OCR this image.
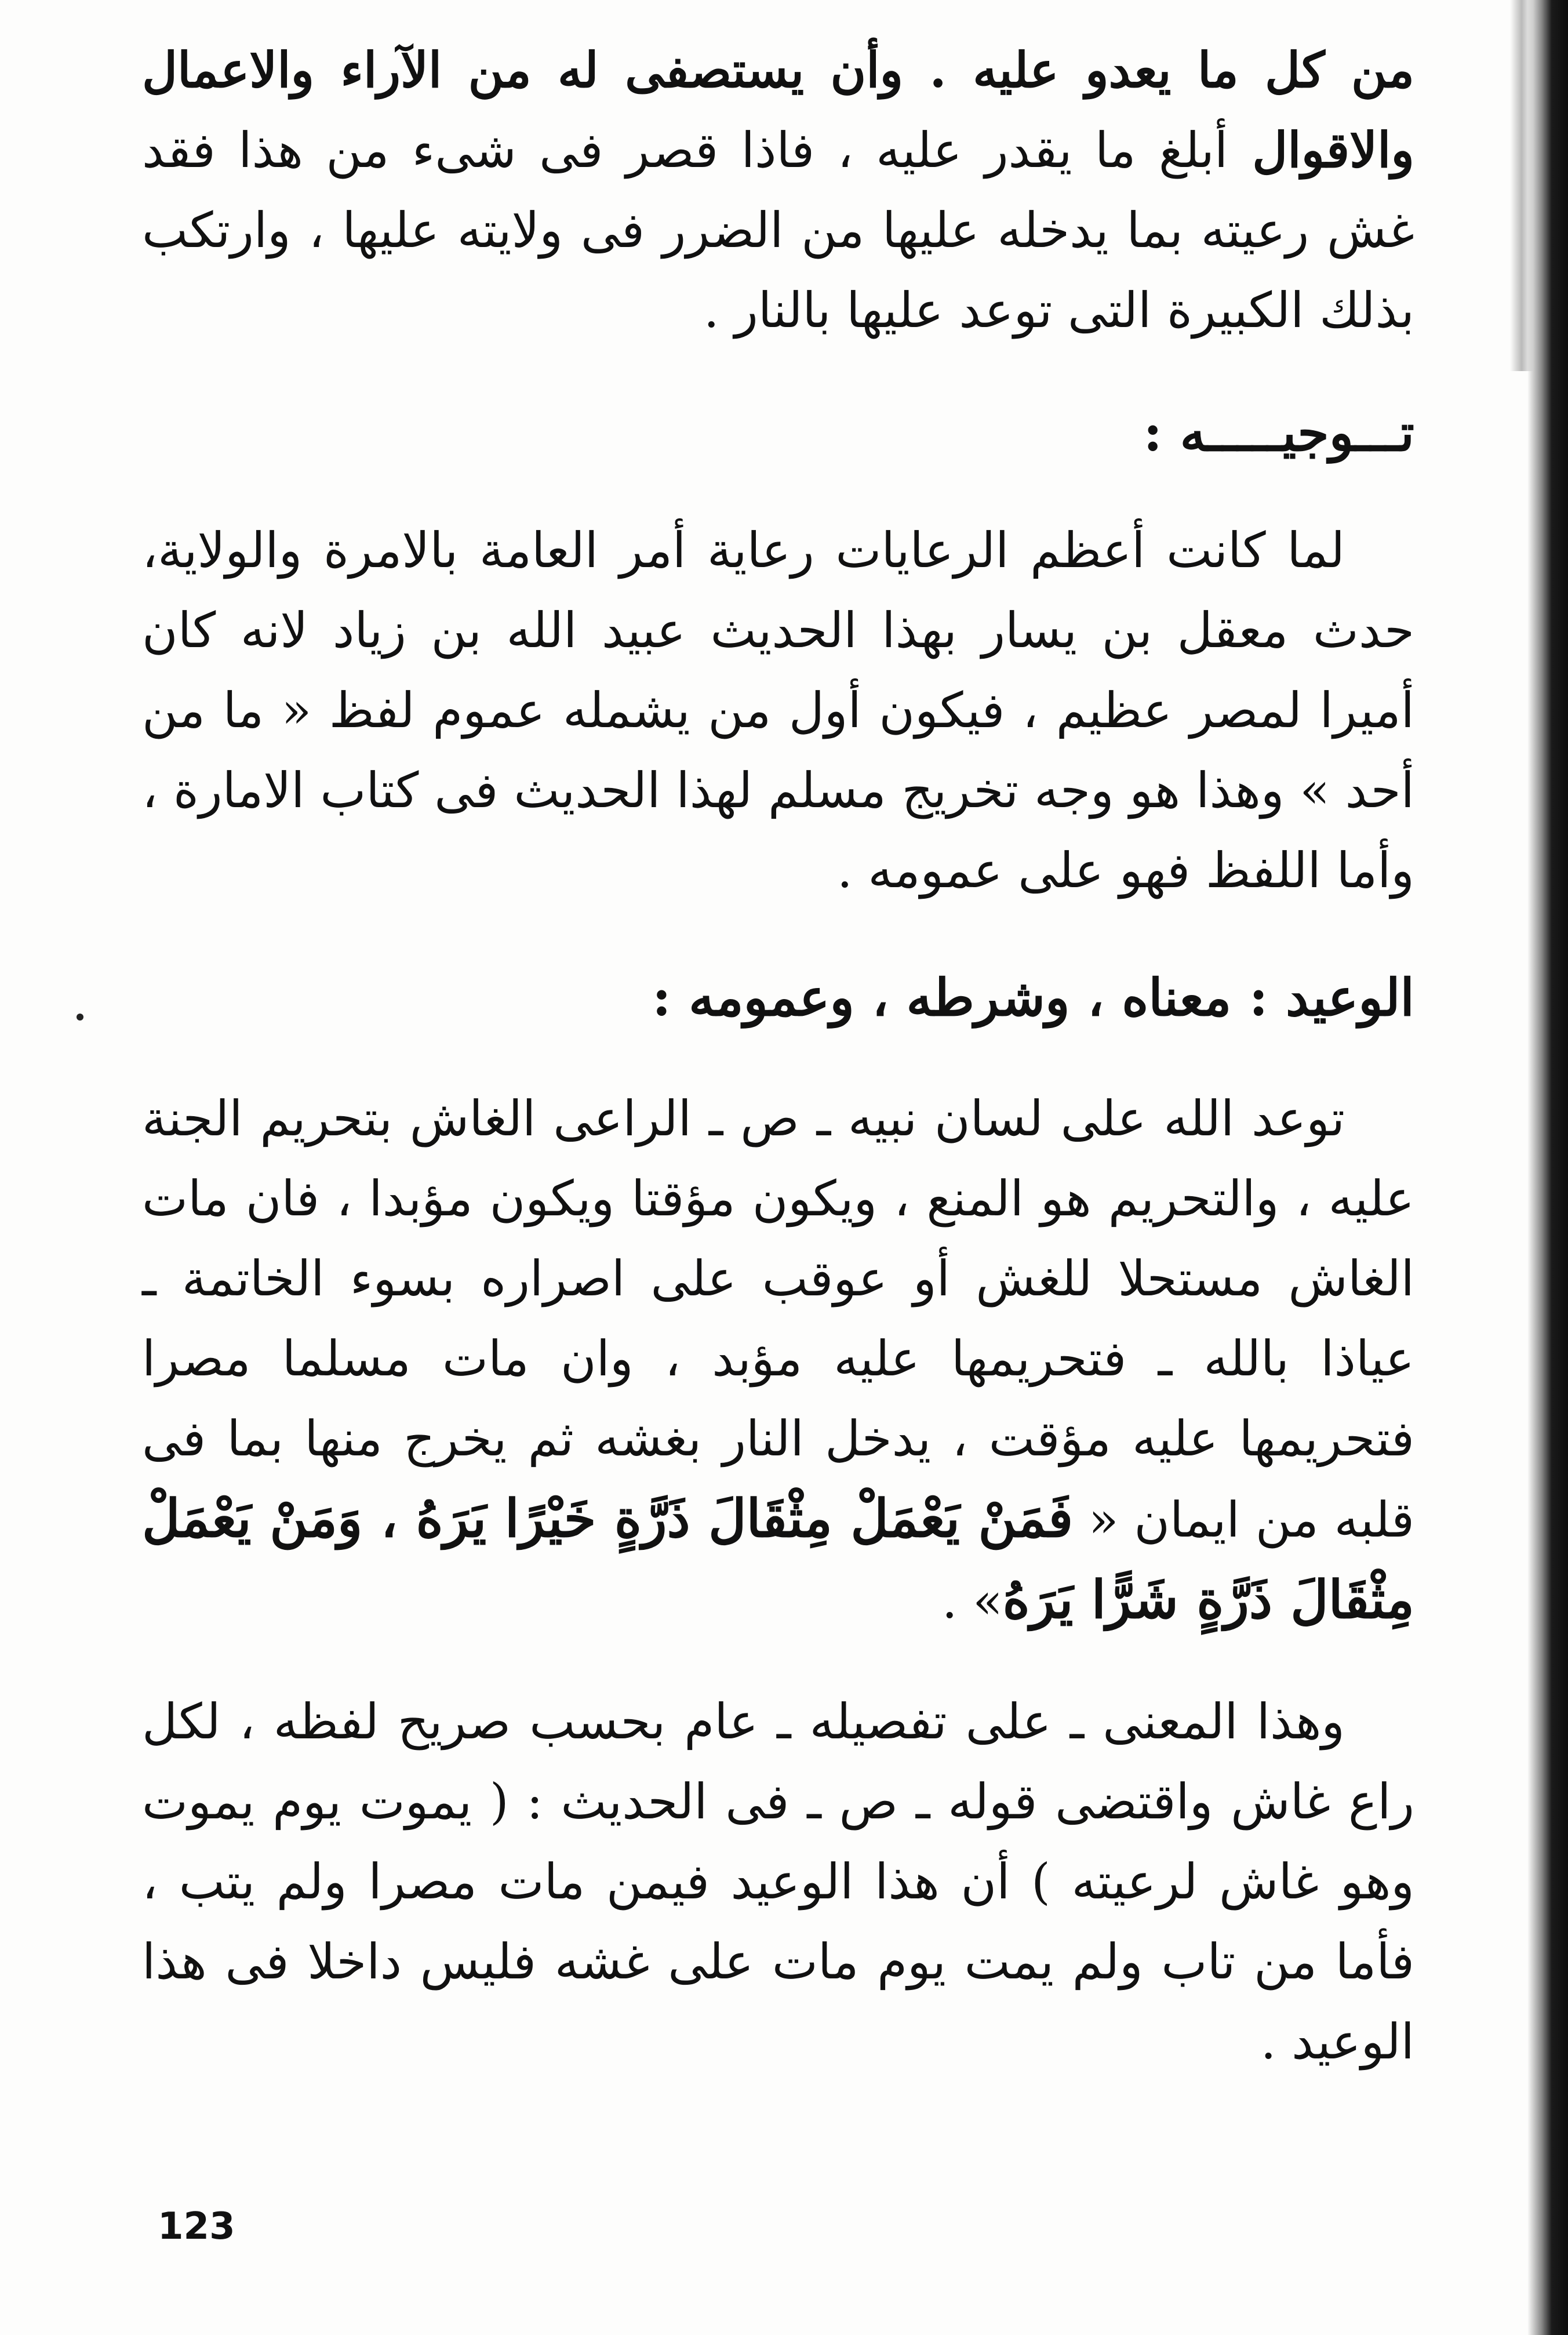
من كل ما يعدو عليه . وأن يستصفى له من الآراء والاعمال والاقوال أبلغ ما يقدر عليه ، فاذا قصر فى شىء من هذا فقد غش رعيته بما يدخله عليها من الضرر فى ولايته عليها ، وارتكب بذلك الكبيرة التى توعد عليها بالنار .

تـــوجيـــــه :

لما كانت أعظم الرعايات رعاية أمر العامة بالامرة والولاية، حدث معقل بن يسار بهذا الحديث عبيد الله بن زياد لانه كان أميرا لمصر عظيم ، فيكون أول من يشمله عموم لفظ « ما من أحد » وهذا هو وجه تخريج مسلم لهذا الحديث فى كتاب الامارة ، وأما اللفظ فهو على عمومه .

الوعيد : معناه ، وشرطه ، وعمومه :

توعد الله على لسان نبيه ـ ص ـ الراعى الغاش بتحريم الجنة عليه ، والتحريم هو المنع ، ويكون مؤقتا ويكون مؤبدا ، فان مات الغاش مستحلا للغش أو عوقب على اصراره بسوء الخاتمة ـ عياذا بالله ـ فتحريمها عليه مؤبد ، وان مات مسلما مصرا فتحريمها عليه مؤقت ، يدخل النار بغشه ثم يخرج منها بما فى قلبه من ايمان « فَمَنْ يَعْمَلْ مِثْقَالَ ذَرَّةٍ خَيْرًا يَرَهُ ، وَمَنْ يَعْمَلْ مِثْقَالَ ذَرَّةٍ شَرًّا يَرَهُ» .

وهذا المعنى ـ على تفصيله ـ عام بحسب صريح لفظه ، لكل راع غاش واقتضى قوله ـ ص ـ فى الحديث : ( يموت يوم يموت وهو غاش لرعيته ) أن هذا الوعيد فيمن مات مصرا ولم يتب ، فأما من تاب ولم يمت يوم مات على غشه فليس داخلا فى هذا الوعيد .

123
